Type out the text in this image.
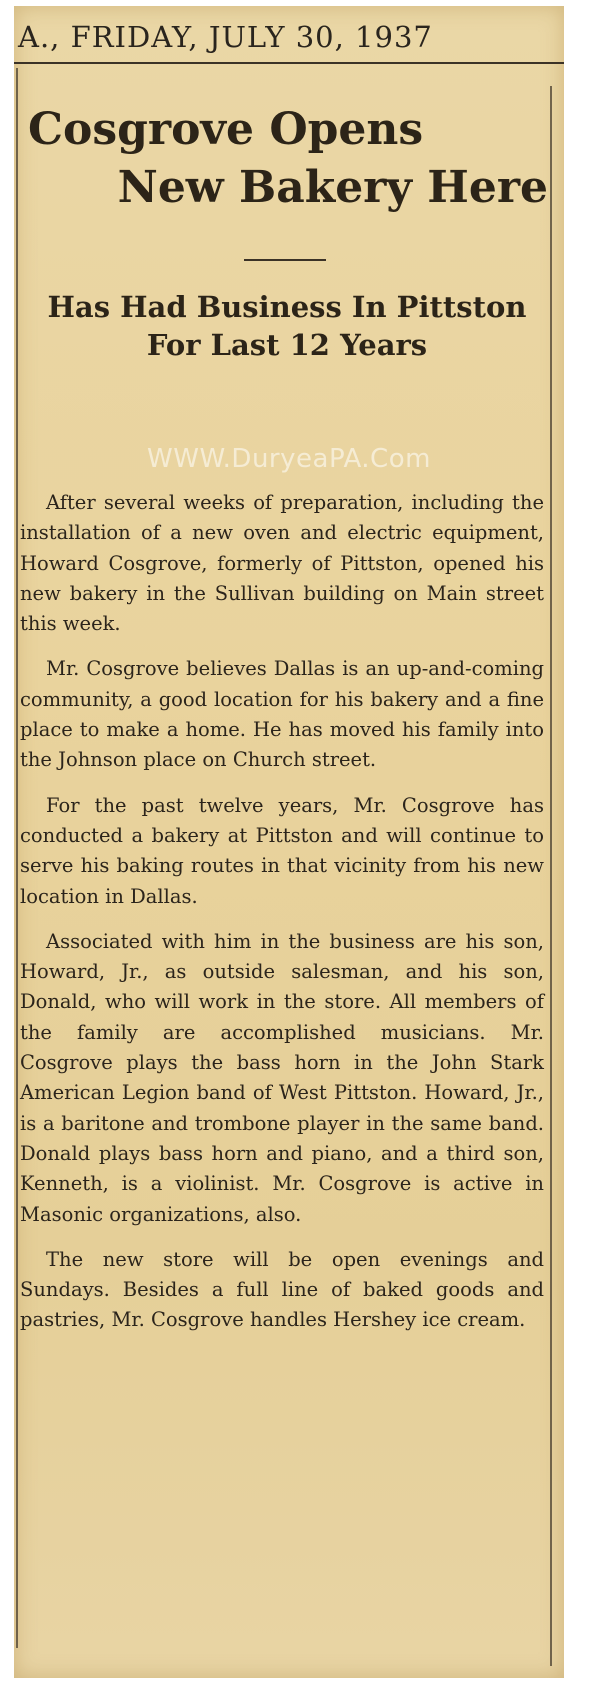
A., FRIDAY, JULY 30, 1937
Cosgrove Opens
New Bakery Here
Has Had Business In Pittston For Last 12 Years
WWW.DuryeaPA.Com

After several weeks of preparation, including the installation of a new oven and electric equipment, Howard Cosgrove, formerly of Pittston, opened his new bakery in the Sullivan building on Main street this week.

Mr. Cosgrove believes Dallas is an up-and-coming community, a good location for his bakery and a fine place to make a home. He has moved his family into the Johnson place on Church street.

For the past twelve years, Mr. Cosgrove has conducted a bakery at Pittston and will continue to serve his baking routes in that vicinity from his new location in Dallas.

Associated with him in the business are his son, Howard, Jr., as outside salesman, and his son, Donald, who will work in the store. All members of the family are accomplished musicians. Mr. Cosgrove plays the bass horn in the John Stark American Legion band of West Pittston. Howard, Jr., is a baritone and trombone player in the same band. Donald plays bass horn and piano, and a third son, Kenneth, is a violinist. Mr. Cosgrove is active in Masonic organizations, also.

The new store will be open evenings and Sundays. Besides a full line of baked goods and pastries, Mr. Cosgrove handles Hershey ice cream.
